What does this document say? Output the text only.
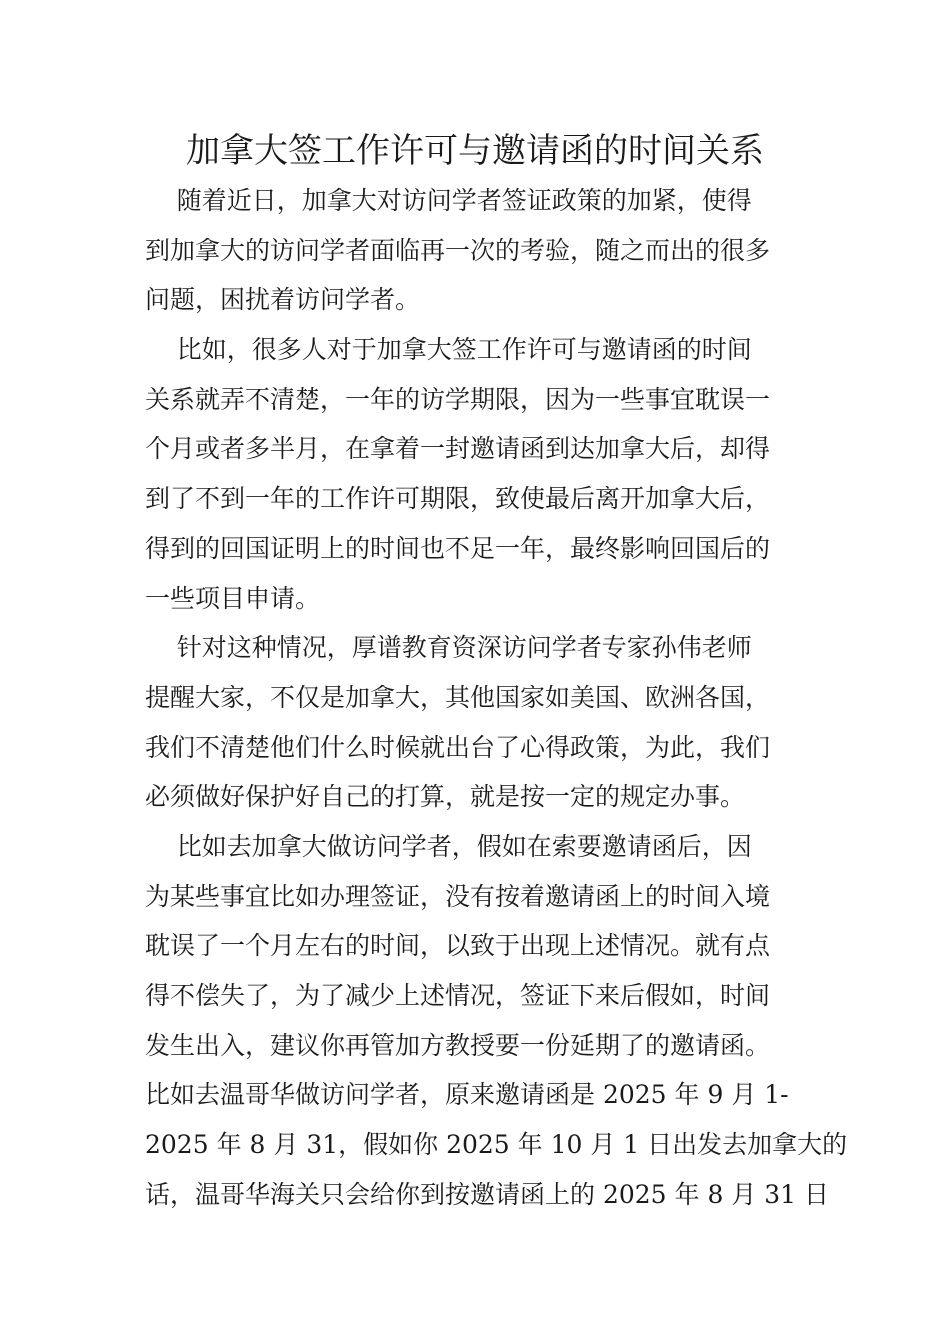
加拿大签工作许可与邀请函的时间关系
随着近日，加拿大对访问学者签证政策的加紧，使得
到加拿大的访问学者面临再一次的考验，随之而出的很多
问题，困扰着访问学者。
比如，很多人对于加拿大签工作许可与邀请函的时间
关系就弄不清楚，一年的访学期限，因为一些事宜耽误一
个月或者多半月，在拿着一封邀请函到达加拿大后，却得
到了不到一年的工作许可期限，致使最后离开加拿大后，
得到的回国证明上的时间也不足一年，最终影响回国后的
一些项目申请。
针对这种情况，厚谱教育资深访问学者专家孙伟老师
提醒大家，不仅是加拿大，其他国家如美国、欧洲各国，
我们不清楚他们什么时候就出台了心得政策，为此，我们
必须做好保护好自己的打算，就是按一定的规定办事。
比如去加拿大做访问学者，假如在索要邀请函后，因
为某些事宜比如办理签证，没有按着邀请函上的时间入境
耽误了一个月左右的时间，以致于出现上述情况。就有点
得不偿失了，为了减少上述情况，签证下来后假如，时间
发生出入，建议你再管加方教授要一份延期了的邀请函。
比如去温哥华做访问学者，原来邀请函是 2025 年 9 月 1-
2025 年 8 月 31，假如你 2025 年 10 月 1 日出发去加拿大的
话，温哥华海关只会给你到按邀请函上的 2025 年 8 月 31 日
